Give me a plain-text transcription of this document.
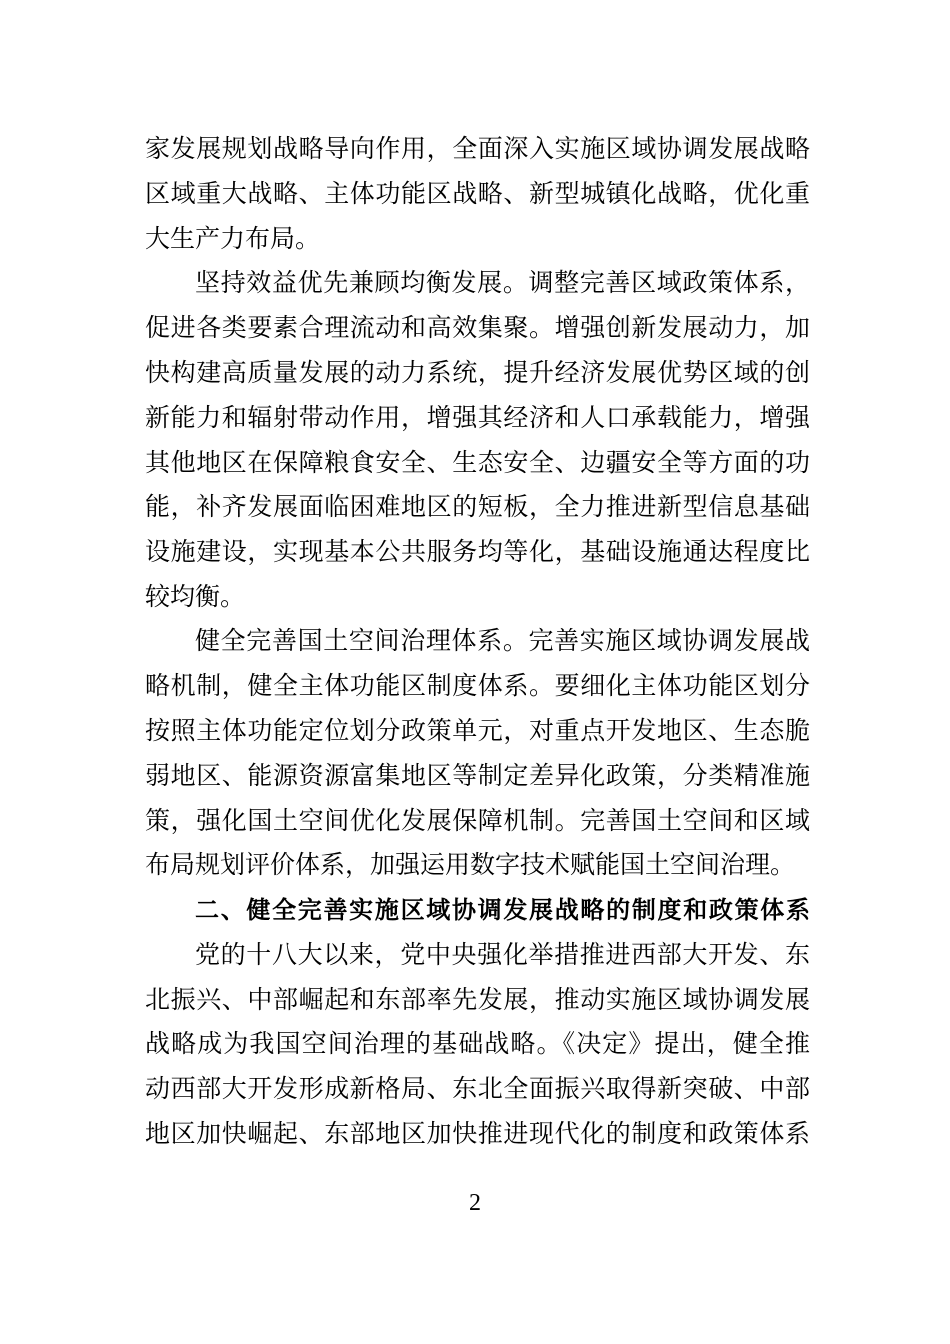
家发展规划战略导向作用，全面深入实施区域协调发展战略
区域重大战略、主体功能区战略、新型城镇化战略，优化重
大生产力布局。
坚持效益优先兼顾均衡发展。调整完善区域政策体系，
促进各类要素合理流动和高效集聚。增强创新发展动力，加
快构建高质量发展的动力系统，提升经济发展优势区域的创
新能力和辐射带动作用，增强其经济和人口承载能力，增强
其他地区在保障粮食安全、生态安全、边疆安全等方面的功
能，补齐发展面临困难地区的短板，全力推进新型信息基础
设施建设，实现基本公共服务均等化，基础设施通达程度比
较均衡。
健全完善国土空间治理体系。完善实施区域协调发展战
略机制，健全主体功能区制度体系。要细化主体功能区划分
按照主体功能定位划分政策单元，对重点开发地区、生态脆
弱地区、能源资源富集地区等制定差异化政策，分类精准施
策，强化国土空间优化发展保障机制。完善国土空间和区域
布局规划评价体系，加强运用数字技术赋能国土空间治理。
二、健全完善实施区域协调发展战略的制度和政策体系
党的十八大以来，党中央强化举措推进西部大开发、东
北振兴、中部崛起和东部率先发展，推动实施区域协调发展
战略成为我国空间治理的基础战略。《决定》提出，健全推
动西部大开发形成新格局、东北全面振兴取得新突破、中部
地区加快崛起、东部地区加快推进现代化的制度和政策体系
2
